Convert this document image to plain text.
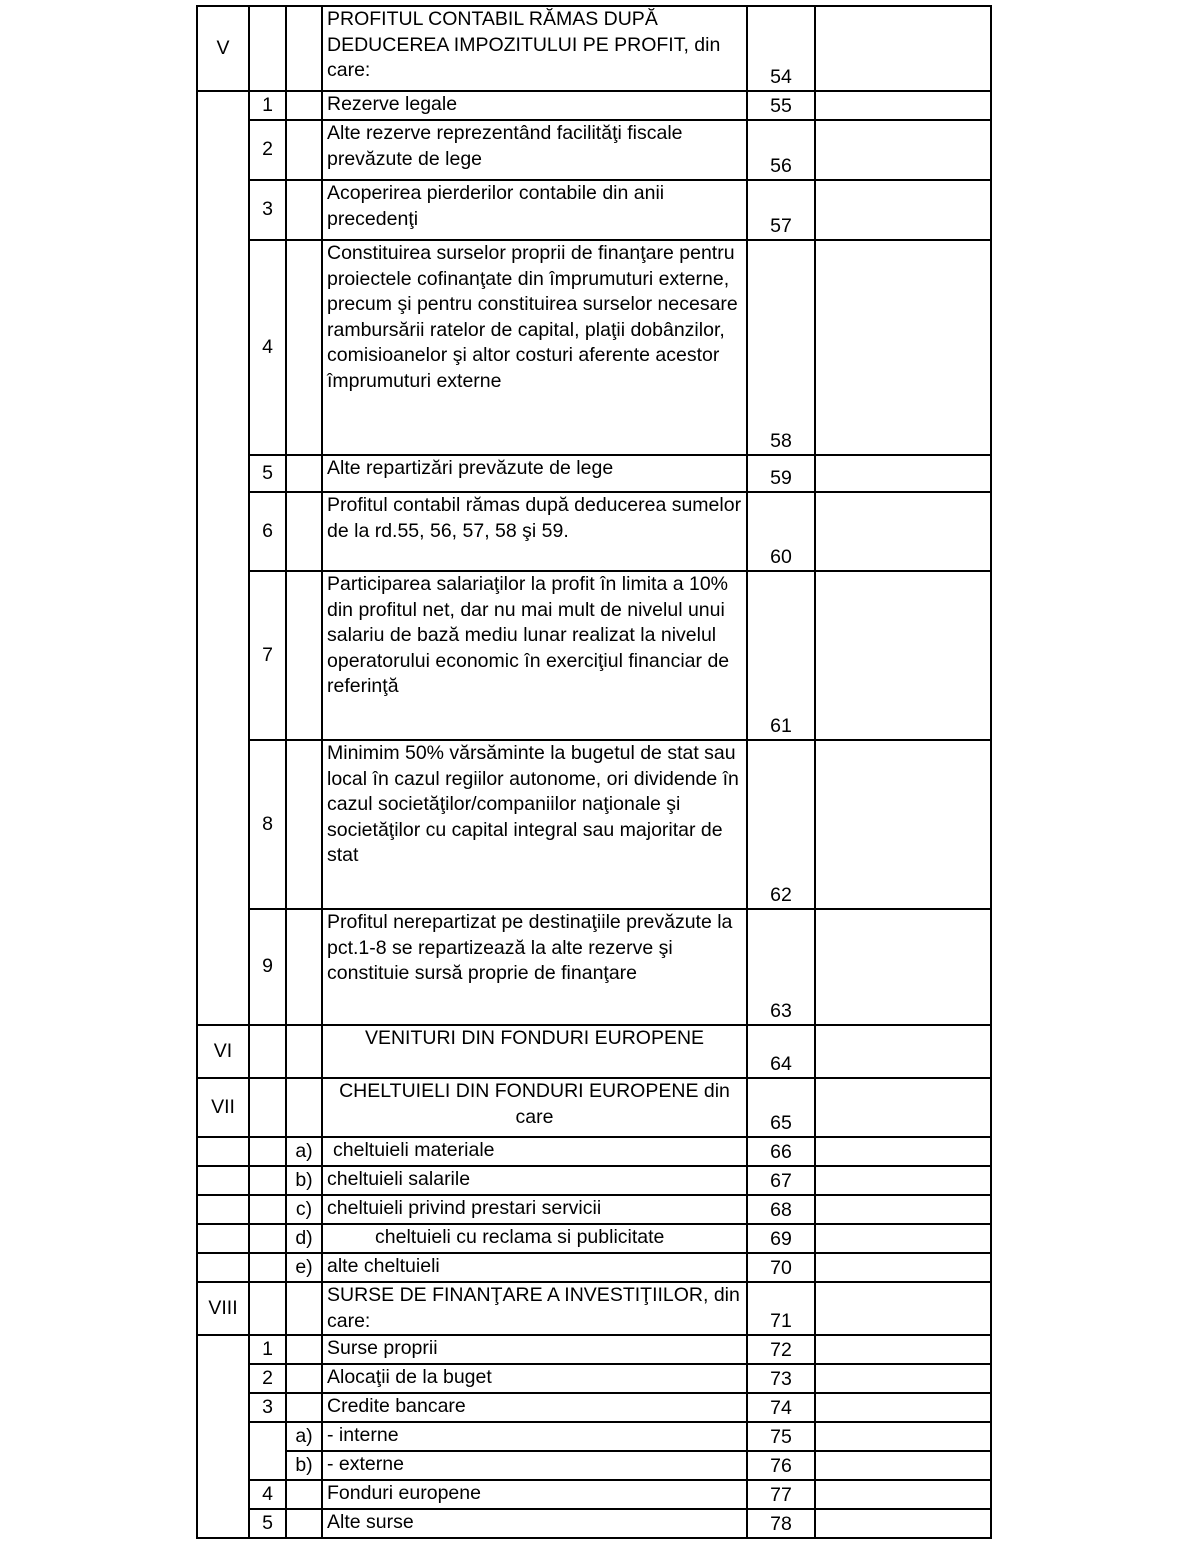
V			PROFITUL CONTABIL RĂMAS DUPĂ DEDUCEREA IMPOZITULUI PE PROFIT, din care:	54	
	1		Rezerve legale	55	
	2		Alte rezerve reprezentând facilităţi fiscale prevăzute de lege	56	
	3		Acoperirea pierderilor contabile din anii precedenţi	57	
	4		Constituirea surselor proprii de finanţare pentru proiectele cofinanţate din împrumuturi externe, precum şi pentru constituirea surselor necesare rambursării ratelor de capital, plaţii dobânzilor, comisioanelor şi altor costuri aferente acestor împrumuturi externe	58	
	5		Alte repartizări prevăzute de lege	59	
	6		Profitul contabil rămas după deducerea sumelor de la rd.55, 56, 57, 58 şi 59.	60	
	7		Participarea salariaţilor la profit în limita a 10% din profitul net, dar nu mai mult de nivelul unui salariu de bază mediu lunar realizat la nivelul operatorului economic în exerciţiul financiar de referinţă	61	
	8		Minimim 50% vărsăminte la bugetul de stat sau local în cazul regiilor autonome, ori dividende în cazul societăţilor/companiilor naţionale şi societăţilor cu capital integral sau majoritar de stat	62	
	9		Profitul nerepartizat pe destinaţiile prevăzute la pct.1-8 se repartizează la alte rezerve şi constituie sursă proprie de finanţare	63	
VI			VENITURI DIN FONDURI EUROPENE	64	
VII			CHELTUIELI DIN FONDURI EUROPENE din care	65	
		a)	cheltuieli materiale	66	
		b)	cheltuieli salarile	67	
		c)	cheltuieli privind prestari servicii	68	
		d)	cheltuieli cu reclama si publicitate	69	
		e)	alte cheltuieli	70	
VIII			SURSE DE FINANŢARE A INVESTIŢIILOR, din care:	71	
	1		Surse proprii	72	
	2		Alocaţii de la buget	73	
	3		Credite bancare	74	
		a)	- interne	75	
		b)	- externe	76	
	4		Fonduri europene	77	
	5		Alte surse	78	
